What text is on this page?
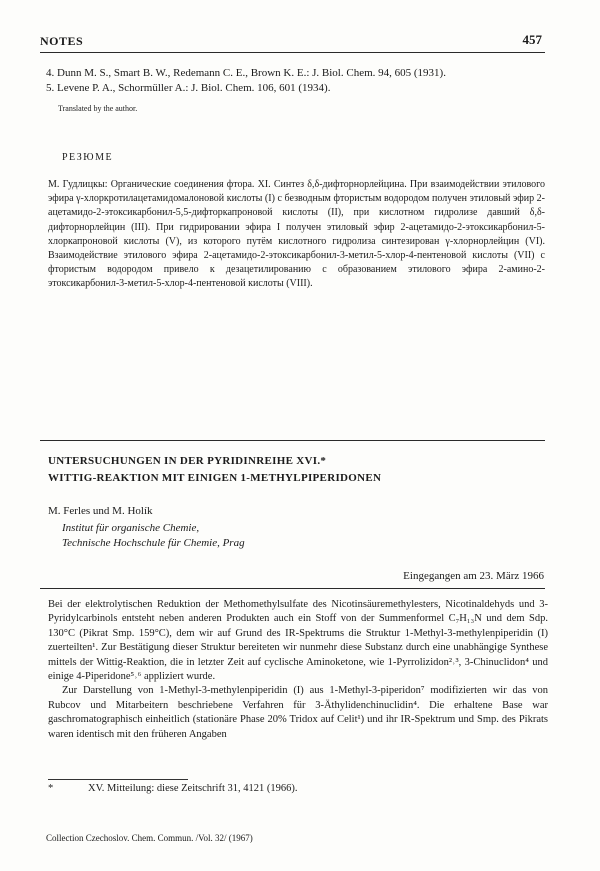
NOTES	457
4. Dunn M. S., Smart B. W., Redemann C. E., Brown K. E.: J. Biol. Chem. 94, 605 (1931).
5. Levene P. A., Schormüller A.: J. Biol. Chem. 106, 601 (1934).
Translated by the author.
РЕЗЮМЕ

М. Гудлицкы: Органические соединения фтора. XI. Синтез δ,δ-дифторнорлейцина. При взаимодействии этилового эфира γ-хлоркротилацетамидомалоновой кислоты (I) с безводным фтористым водородом получен этиловый эфир 2-ацетамидо-2-этоксикарбонил-5,5-дифторкапроновой кислоты (II), при кислотном гидролизе давший δ,δ-дифторнорлейцин (III). При гидрировании эфира I получен этиловый эфир 2-ацетамидо-2-этоксикарбонил-5-хлоркапроновой кислоты (V), из которого путём кислотного гидролиза синтезирован γ-хлорнорлейцин (VI). Взаимодействие этилового эфира 2-ацетамидо-2-этоксикарбонил-3-метил-5-хлор-4-пентеновой кислоты (VII) с фтористым водородом привело к дезацетилированию с образованием этилового эфира 2-амино-2-этоксикарбонил-3-метил-5-хлор-4-пентеновой кислоты (VIII).

UNTERSUCHUNGEN IN DER PYRIDINREIHE XVI.*
WITTIG-REAKTION MIT EINIGEN 1-METHYLPIPERIDONEN
M. Ferles und M. Holík
Institut für organische Chemie,
Technische Hochschule für Chemie, Prag
Eingegangen am 23. März 1966

Bei der elektrolytischen Reduktion der Methomethylsulfate des Nicotinsäuremethylesters, Nicotinaldehyds und 3-Pyridylcarbinols entsteht neben anderen Produkten auch ein Stoff von der Summenformel C₇H₁₃N und dem Sdp. 130°C (Pikrat Smp. 159°C), dem wir auf Grund des IR-Spektrums die Struktur 1-Methyl-3-methylenpiperidin (I) zuerteilten¹. Zur Bestätigung dieser Struktur bereiteten wir nunmehr diese Substanz durch eine unabhängige Synthese mittels der Wittig-Reaktion, die in letzter Zeit auf cyclische Aminoketone, wie 1-Pyrrolizidon²˒³, 3-Chinuclidon⁴ und einige 4-Piperidone⁵˒⁶ appliziert wurde.

Zur Darstellung von 1-Methyl-3-methylenpiperidin (I) aus 1-Methyl-3-piperidon⁷ modifizierten wir das von Rubcov und Mitarbeitern beschriebene Verfahren für 3-Äthylidenchinuclidin⁴. Die erhaltene Base war gaschromatographisch einheitlich (stationäre Phase 20% Tridox auf Celit¹) und ihr IR-Spektrum und Smp. des Pikrats waren identisch mit den früheren Angaben

*	XV. Mitteilung: diese Zeitschrift 31, 4121 (1966).
Collection Czechoslov. Chem. Commun. /Vol. 32/ (1967)
